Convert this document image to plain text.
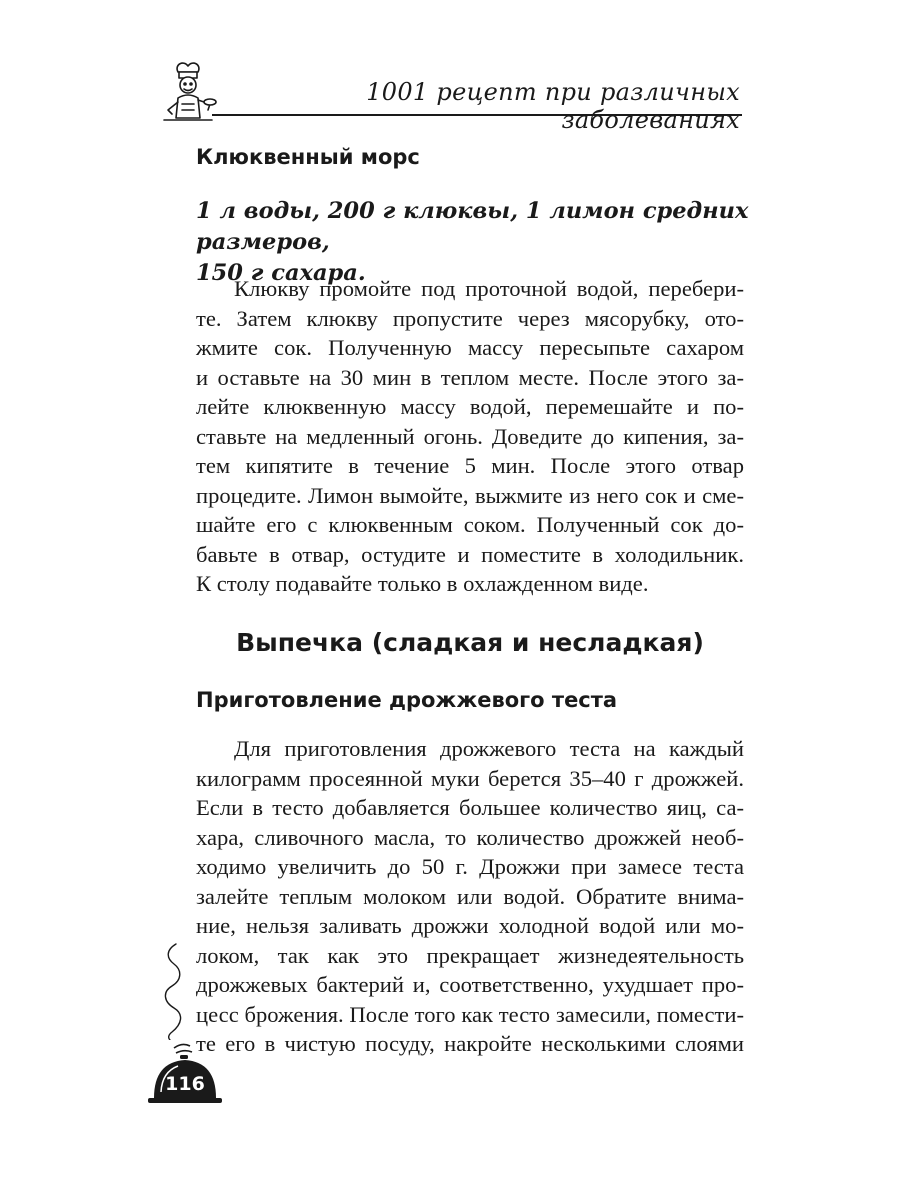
1001 рецепт при различных заболеваниях
Клюквенный морс

1 л воды, 200 г клюквы, 1 лимон средних размеров,
150 г сахара.

Клюкву промойте под проточной водой, перебери-
те. Затем клюкву пропустите через мясорубку, ото-
жмите сок. Полученную массу пересыпьте сахаром
и оставьте на 30 мин в теплом месте. После этого за-
лейте клюквенную массу водой, перемешайте и по-
ставьте на медленный огонь. Доведите до кипения, за-
тем кипятите в течение 5 мин. После этого отвар
процедите. Лимон вымойте, выжмите из него сок и сме-
шайте его с клюквенным соком. Полученный сок до-
бавьте в отвар, остудите и поместите в холодильник.
К столу подавайте только в охлажденном виде.
Выпечка (сладкая и несладкая)
Приготовление дрожжевого теста
Для приготовления дрожжевого теста на каждый
килограмм просеянной муки берется 35–40 г дрожжей.
Если в тесто добавляется большее количество яиц, са-
хара, сливочного масла, то количество дрожжей необ-
ходимо увеличить до 50 г. Дрожжи при замесе теста
залейте теплым молоком или водой. Обратите внима-
ние, нельзя заливать дрожжи холодной водой или мо-
локом, так как это прекращает жизнедеятельность
дрожжевых бактерий и, соответственно, ухудшает про-
цесс брожения. После того как тесто замесили, помести-
те его в чистую посуду, накройте несколькими слоями
116
